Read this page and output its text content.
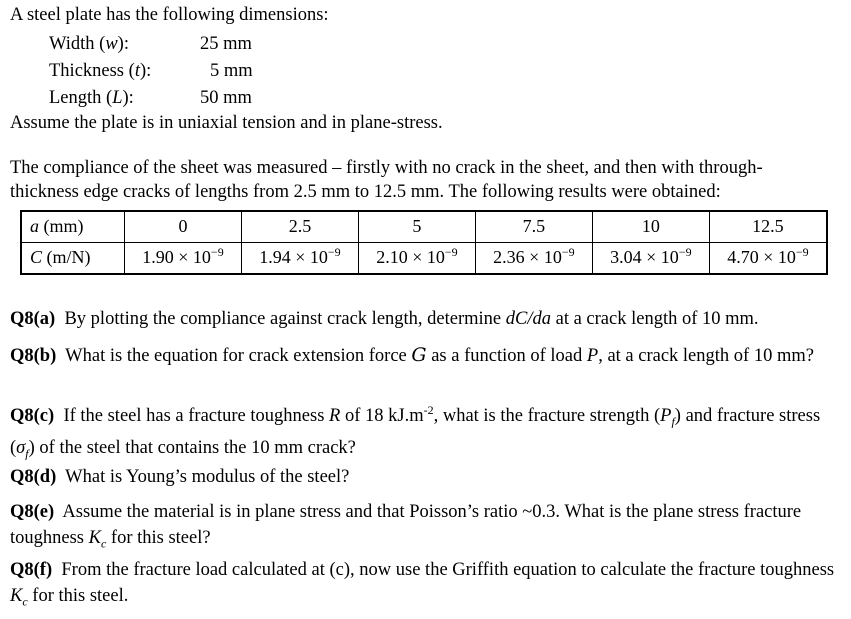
A steel plate has the following dimensions:
Width (w):	25 mm
Thickness (t):	5 mm
Length (L):	50 mm
Assume the plate is in uniaxial tension and in plane-stress.
The compliance of the sheet was measured – firstly with no crack in the sheet, and then with through-
thickness edge cracks of lengths from 2.5 mm to 12.5 mm. The following results were obtained:
a (mm)	0	2.5	5	7.5	10	12.5
C (m/N)	$1.90 \times 10^{-9}$	$1.94 \times 10^{-9}$	$2.10 \times 10^{-9}$	$2.36 \times 10^{-9}$	$3.04 \times 10^{-9}$	$4.70 \times 10^{-9}$
Q8(a) By plotting the compliance against crack length, determine dC/da at a crack length of 10 mm.
Q8(b) What is the equation for crack extension force G as a function of load P, at a crack length of 10 mm?
Q8(c) If the steel has a fracture toughness R of 18 $kJ.m^{-2}$, what is the fracture strength $(P_f)$ and fracture stress $(\sigma_f)$ of the steel that contains the 10 mm crack?
Q8(d) What is Young’s modulus of the steel?
Q8(e) Assume the material is in plane stress and that Poisson’s ratio ~0.3. What is the plane stress fracture toughness $K_c$ for this steel?
Q8(f) From the fracture load calculated at (c), now use the Griffith equation to calculate the fracture toughness $K_c$ for this steel.
